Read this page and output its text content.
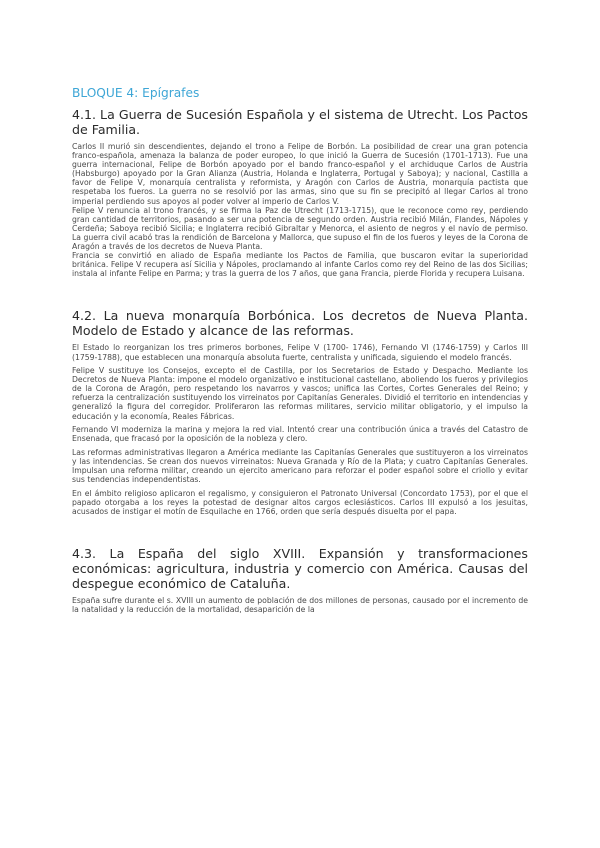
BLOQUE 4: Epígrafes
4.1. La Guerra de Sucesión Española y el sistema de Utrecht. Los Pactos de Familia.

Carlos II murió sin descendientes, dejando el trono a Felipe de Borbón. La posibilidad de crear una gran potencia franco-española, amenaza la balanza de poder europeo, lo que inició la Guerra de Sucesión (1701-1713). Fue una guerra internacional, Felipe de Borbón apoyado por el bando franco-español y el archiduque Carlos de Austria (Habsburgo) apoyado por la Gran Alianza (Austria, Holanda e Inglaterra, Portugal y Saboya); y nacional, Castilla a favor de Felipe V, monarquía centralista y reformista, y Aragón con Carlos de Austria, monarquía pactista que respetaba los fueros. La guerra no se resolvió por las armas, sino que su fin se precipitó al llegar Carlos al trono imperial perdiendo sus apoyos al poder volver al imperio de Carlos V.

Felipe V renuncia al trono francés, y se firma la Paz de Utrecht (1713-1715), que le reconoce como rey, perdiendo gran cantidad de territorios, pasando a ser una potencia de segundo orden. Austria recibió Milán, Flandes, Nápoles y Cerdeña; Saboya recibió Sicilia; e Inglaterra recibió Gibraltar y Menorca, el asiento de negros y el navío de permiso. La guerra civil acabó tras la rendición de Barcelona y Mallorca, que supuso el fin de los fueros y leyes de la Corona de Aragón a través de los decretos de Nueva Planta.

Francia se convirtió en aliado de España mediante los Pactos de Familia, que buscaron evitar la superioridad británica. Felipe V recupera así Sicilia y Nápoles, proclamando al infante Carlos como rey del Reino de las dos Sicilias; instala al infante Felipe en Parma; y tras la guerra de los 7 años, que gana Francia, pierde Florida y recupera Luisana.

4.2. La nueva monarquía Borbónica. Los decretos de Nueva Planta. Modelo de Estado y alcance de las reformas.

El Estado lo reorganizan los tres primeros borbones, Felipe V (1700- 1746), Fernando VI (1746-1759) y Carlos III (1759-1788), que establecen una monarquía absoluta fuerte, centralista y unificada, siguiendo el modelo francés.

Felipe V sustituye los Consejos, excepto el de Castilla, por los Secretarios de Estado y Despacho. Mediante los Decretos de Nueva Planta: impone el modelo organizativo e institucional castellano, aboliendo los fueros y privilegios de la Corona de Aragón, pero respetando los navarros y vascos; unifica las Cortes, Cortes Generales del Reino; y refuerza la centralización sustituyendo los virreinatos por Capitanías Generales. Dividió el territorio en intendencias y generalizó la figura del corregidor. Proliferaron las reformas militares, servicio militar obligatorio, y el impulso la educación y la economía, Reales Fábricas.

Fernando VI moderniza la marina y mejora la red vial. Intentó crear una contribución única a través del Catastro de Ensenada, que fracasó por la oposición de la nobleza y clero.

Las reformas administrativas llegaron a América mediante las Capitanías Generales que sustituyeron a los virreinatos y las intendencias. Se crean dos nuevos virreinatos: Nueva Granada y Río de la Plata; y cuatro Capitanías Generales. Impulsan una reforma militar, creando un ejercito americano para reforzar el poder español sobre el criollo y evitar sus tendencias independentistas.

En el ámbito religioso aplicaron el regalismo, y consiguieron el Patronato Universal (Concordato 1753), por el que el papado otorgaba a los reyes la potestad de designar altos cargos eclesiásticos. Carlos III expulsó a los jesuitas, acusados de instigar el motín de Esquilache en 1766, orden que sería después disuelta por el papa.

4.3. La España del siglo XVIII. Expansión y transformaciones económicas: agricultura, industria y comercio con América. Causas del despegue económico de Cataluña.

España sufre durante el s. XVIII un aumento de población de dos millones de personas, causado por el incremento de la natalidad y la reducción de la mortalidad, desaparición de la
